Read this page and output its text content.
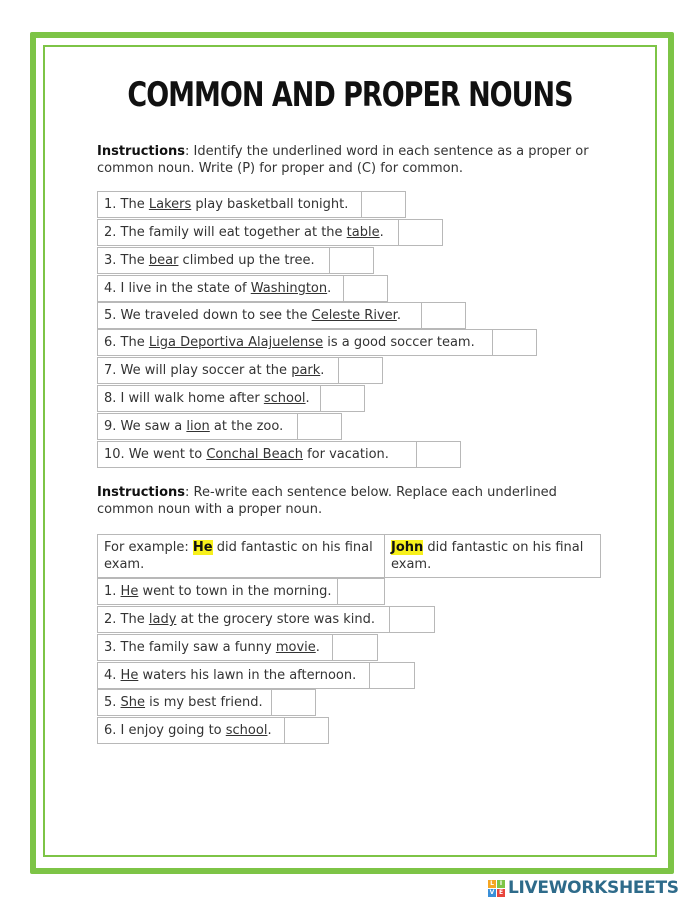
COMMON AND PROPER NOUNS
Instructions: Identify the underlined word in each sentence as a proper or common noun. Write (P) for proper and (C) for common.
1. The Lakers play basketball tonight.
2. The family will eat together at the table.
3. The bear climbed up the tree.
4. I live in the state of Washington.
5. We traveled down to see the Celeste River.
6. The Liga Deportiva Alajuelense is a good soccer team.
7. We will play soccer at the park.
8. I will walk home after school.
9. We saw a lion at the zoo.
10. We went to Conchal Beach for vacation.
Instructions: Re-write each sentence below. Replace each underlined common noun with a proper noun.
For example: He did fantastic on his final exam.
John did fantastic on his final exam.
1. He went to town in the morning.
2. The lady at the grocery store was kind.
3. The family saw a funny movie.
4. He waters his lawn in the afternoon.
5. She is my best friend.
6. I enjoy going to school.
L I
V E LIVEWORKSHEETS
